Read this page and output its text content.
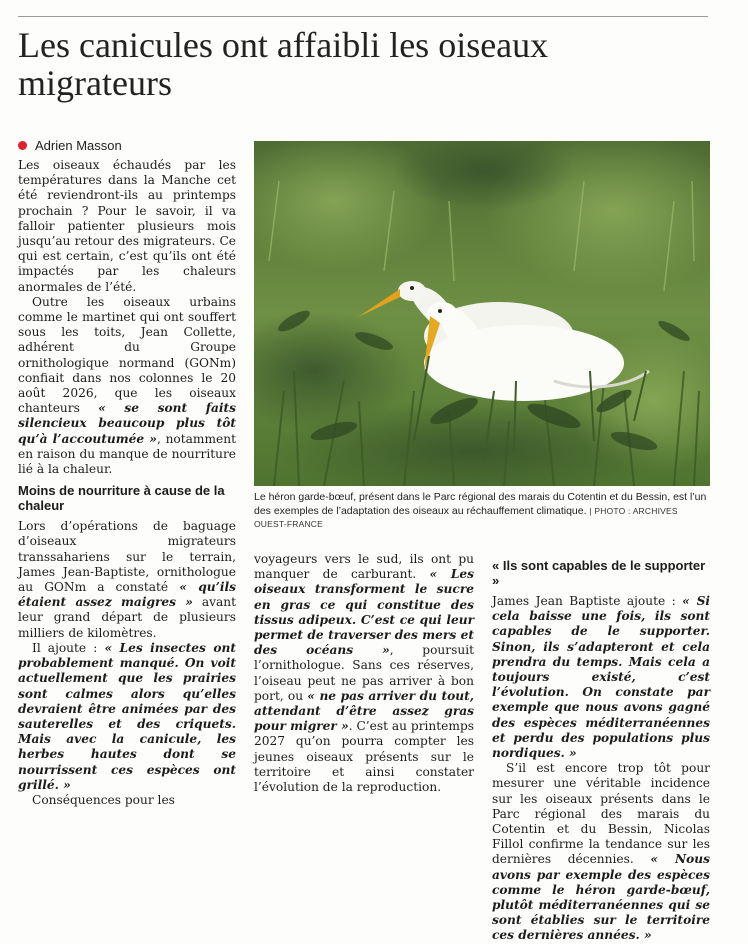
Les canicules ont affaibli les oiseaux migrateurs
Adrien Masson

Les oiseaux échaudés par les températures dans la Manche cet été reviendront-ils au printemps prochain ? Pour le savoir, il va falloir patienter plusieurs mois jusqu’au retour des migrateurs. Ce qui est certain, c’est qu’ils ont été impactés par les chaleurs anormales de l’été.

Outre les oiseaux urbains comme le martinet qui ont souffert sous les toits, Jean Collette, adhérent du Groupe ornithologique normand (GONm) confiait dans nos colonnes le 20 août 2026, que les oiseaux chanteurs « se sont faits silencieux beaucoup plus tôt qu’à l’accoutumée », notamment en raison du manque de nourriture lié à la chaleur.

Moins de nourriture à cause de la chaleur

Lors d’opérations de baguage d’oiseaux migrateurs transsahariens sur le terrain, James Jean-Baptiste, ornithologue au GONm a constaté « qu’ils étaient assez maigres » avant leur grand départ de plusieurs milliers de kilomètres.

Il ajoute : « Les insectes ont probablement manqué. On voit actuellement que les prairies sont calmes alors qu’elles devraient être animées par des sauterelles et des criquets. Mais avec la canicule, les herbes hautes dont se nourrissent ces espèces ont grillé. »

Conséquences pour les

Le héron garde-bœuf, présent dans le Parc régional des marais du Cotentin et du Bessin, est l’un des exemples de l’adaptation des oiseaux au réchauffement climatique. | PHOTO : ARCHIVES OUEST-FRANCE

voyageurs vers le sud, ils ont pu manquer de carburant. « Les oiseaux transforment le sucre en gras ce qui constitue des tissus adipeux. C’est ce qui leur permet de traverser des mers et des océans », poursuit l’ornithologue. Sans ces réserves, l’oiseau peut ne pas arriver à bon port, ou « ne pas arriver du tout, attendant d’être assez gras pour migrer ». C’est au printemps 2027 qu’on pourra compter les jeunes oiseaux présents sur le territoire et ainsi constater l’évolution de la reproduction.

« Ils sont capables de le supporter »

James Jean Baptiste ajoute : « Si cela baisse une fois, ils sont capables de le supporter. Sinon, ils s’adapteront et cela prendra du temps. Mais cela a toujours existé, c’est l’évolution. On constate par exemple que nous avons gagné des espèces méditerranéennes et perdu des populations plus nordiques. »

S’il est encore trop tôt pour mesurer une véritable incidence sur les oiseaux présents dans le Parc régional des marais du Cotentin et du Bessin, Nicolas Fillol confirme la tendance sur les dernières décennies. « Nous avons par exemple des espèces comme le héron garde-bœuf, plutôt méditerranéennes qui se sont établies sur le territoire ces dernières années. »
